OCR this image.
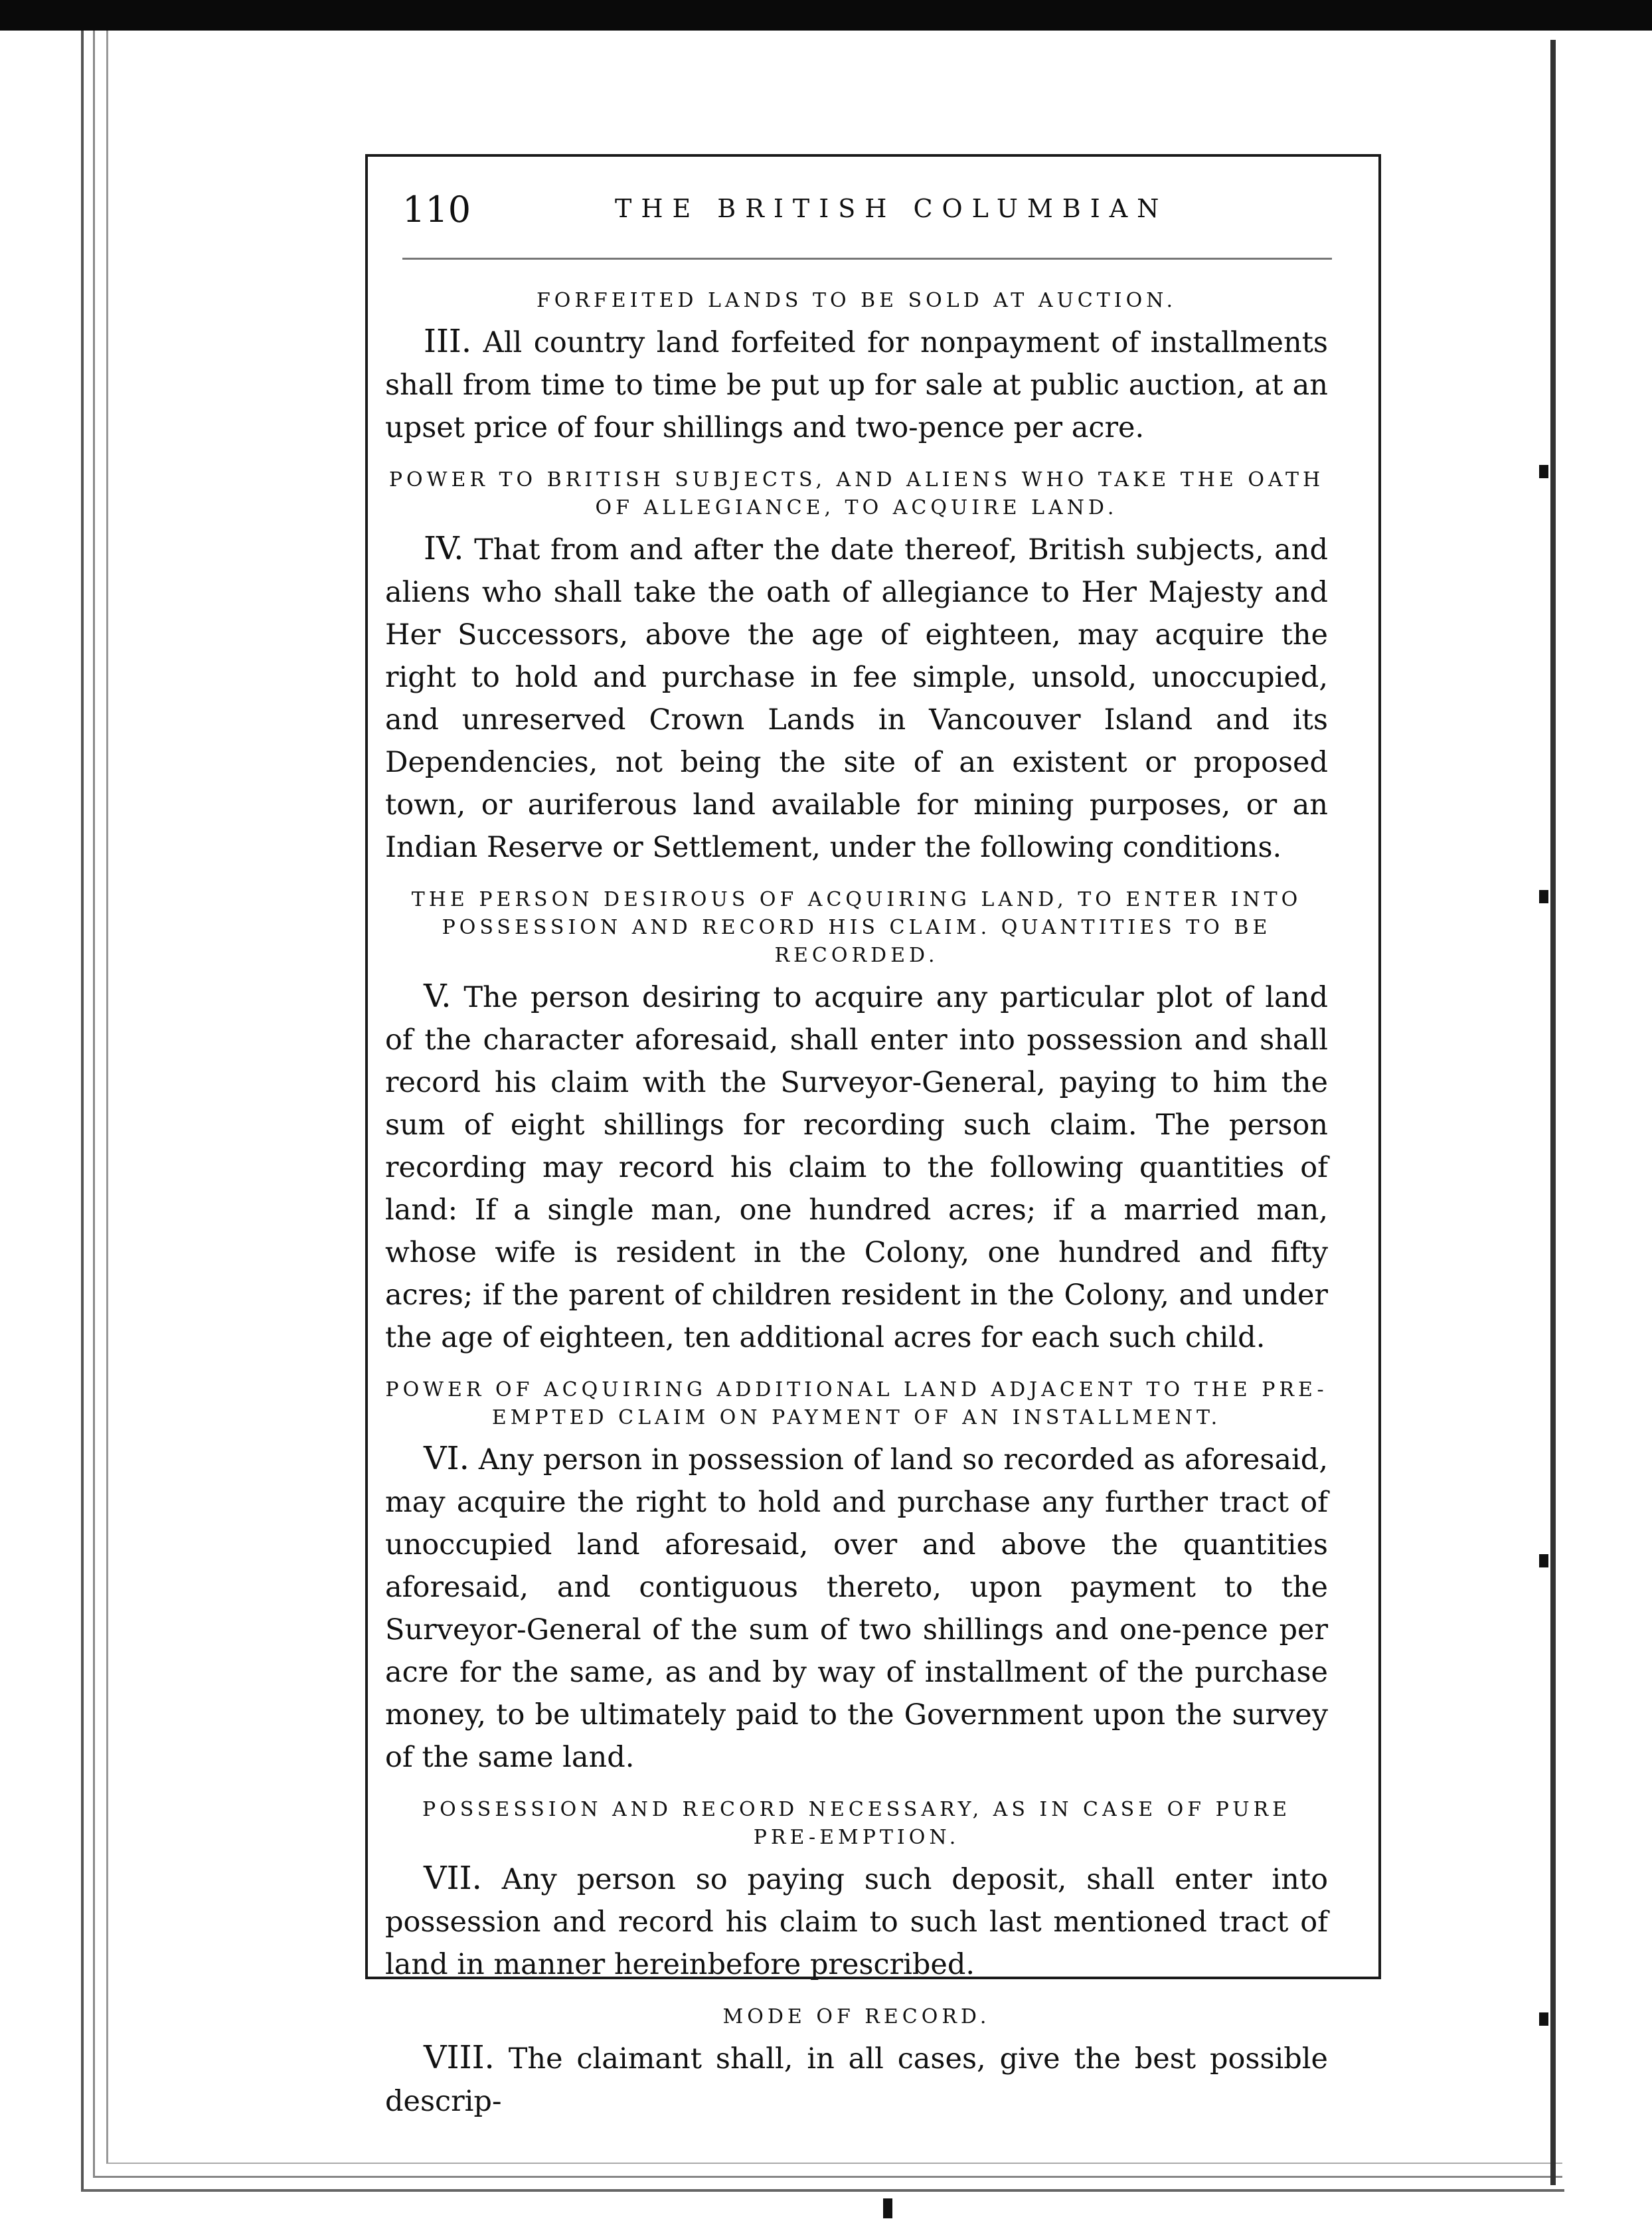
110	THE BRITISH COLUMBIAN
FORFEITED LANDS TO BE SOLD AT AUCTION.

III. All country land forfeited for nonpayment of installments shall from time to time be put up for sale at public auction, at an upset price of four shillings and two-pence per acre.

POWER TO BRITISH SUBJECTS, AND ALIENS WHO TAKE THE OATH OF ALLEGIANCE, TO ACQUIRE LAND.

IV. That from and after the date thereof, British subjects, and aliens who shall take the oath of allegiance to Her Majesty and Her Successors, above the age of eighteen, may acquire the right to hold and purchase in fee simple, unsold, unoccupied, and unreserved Crown Lands in Vancouver Island and its Dependencies, not being the site of an existent or proposed town, or auriferous land available for mining purposes, or an Indian Reserve or Settlement, under the following conditions.

THE PERSON DESIROUS OF ACQUIRING LAND, TO ENTER INTO POSSESSION AND RECORD HIS CLAIM. QUANTITIES TO BE RECORDED.

V. The person desiring to acquire any particular plot of land of the character aforesaid, shall enter into possession and shall record his claim with the Surveyor-General, paying to him the sum of eight shillings for recording such claim. The person recording may record his claim to the following quantities of land: If a single man, one hundred acres; if a married man, whose wife is resident in the Colony, one hundred and fifty acres; if the parent of children resident in the Colony, and under the age of eighteen, ten additional acres for each such child.

POWER OF ACQUIRING ADDITIONAL LAND ADJACENT TO THE PRE-EMPTED CLAIM ON PAYMENT OF AN INSTALLMENT.

VI. Any person in possession of land so recorded as aforesaid, may acquire the right to hold and purchase any further tract of unoccupied land aforesaid, over and above the quantities aforesaid, and contiguous thereto, upon payment to the Surveyor-General of the sum of two shillings and one-pence per acre for the same, as and by way of installment of the purchase money, to be ultimately paid to the Government upon the survey of the same land.

POSSESSION AND RECORD NECESSARY, AS IN CASE OF PURE PRE-EMPTION.

VII. Any person so paying such deposit, shall enter into possession and record his claim to such last mentioned tract of land in manner hereinbefore prescribed.

MODE OF RECORD.

VIII. The claimant shall, in all cases, give the best possible descrip-
